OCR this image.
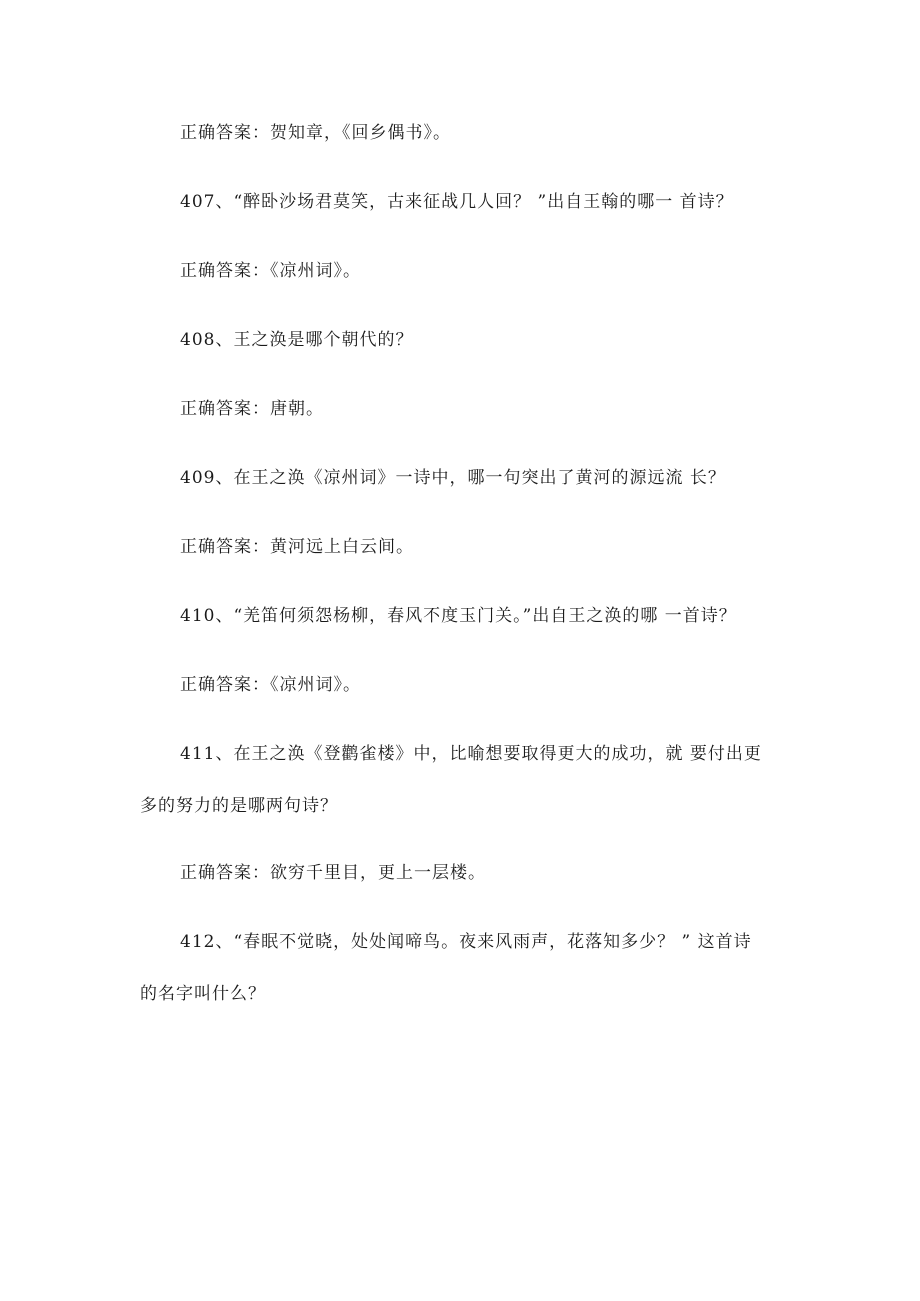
正确答案：贺知章，《回乡偶书》。
407、“醉卧沙场君莫笑，古来征战几人回？ ”出自王翰的哪一 首诗？
正确答案：《凉州词》。
408、王之涣是哪个朝代的？
正确答案：唐朝。
409、在王之涣《凉州词》一诗中，哪一句突出了黄河的源远流 长？
正确答案：黄河远上白云间。
410、“羌笛何须怨杨柳，春风不度玉门关。”出自王之涣的哪 一首诗？
正确答案：《凉州词》。
411、在王之涣《登鹳雀楼》中，比喻想要取得更大的成功，就 要付出更
多的努力的是哪两句诗？
正确答案：欲穷千里目，更上一层楼。
412、“春眠不觉晓，处处闻啼鸟。夜来风雨声，花落知多少？ ” 这首诗
的名字叫什么？
